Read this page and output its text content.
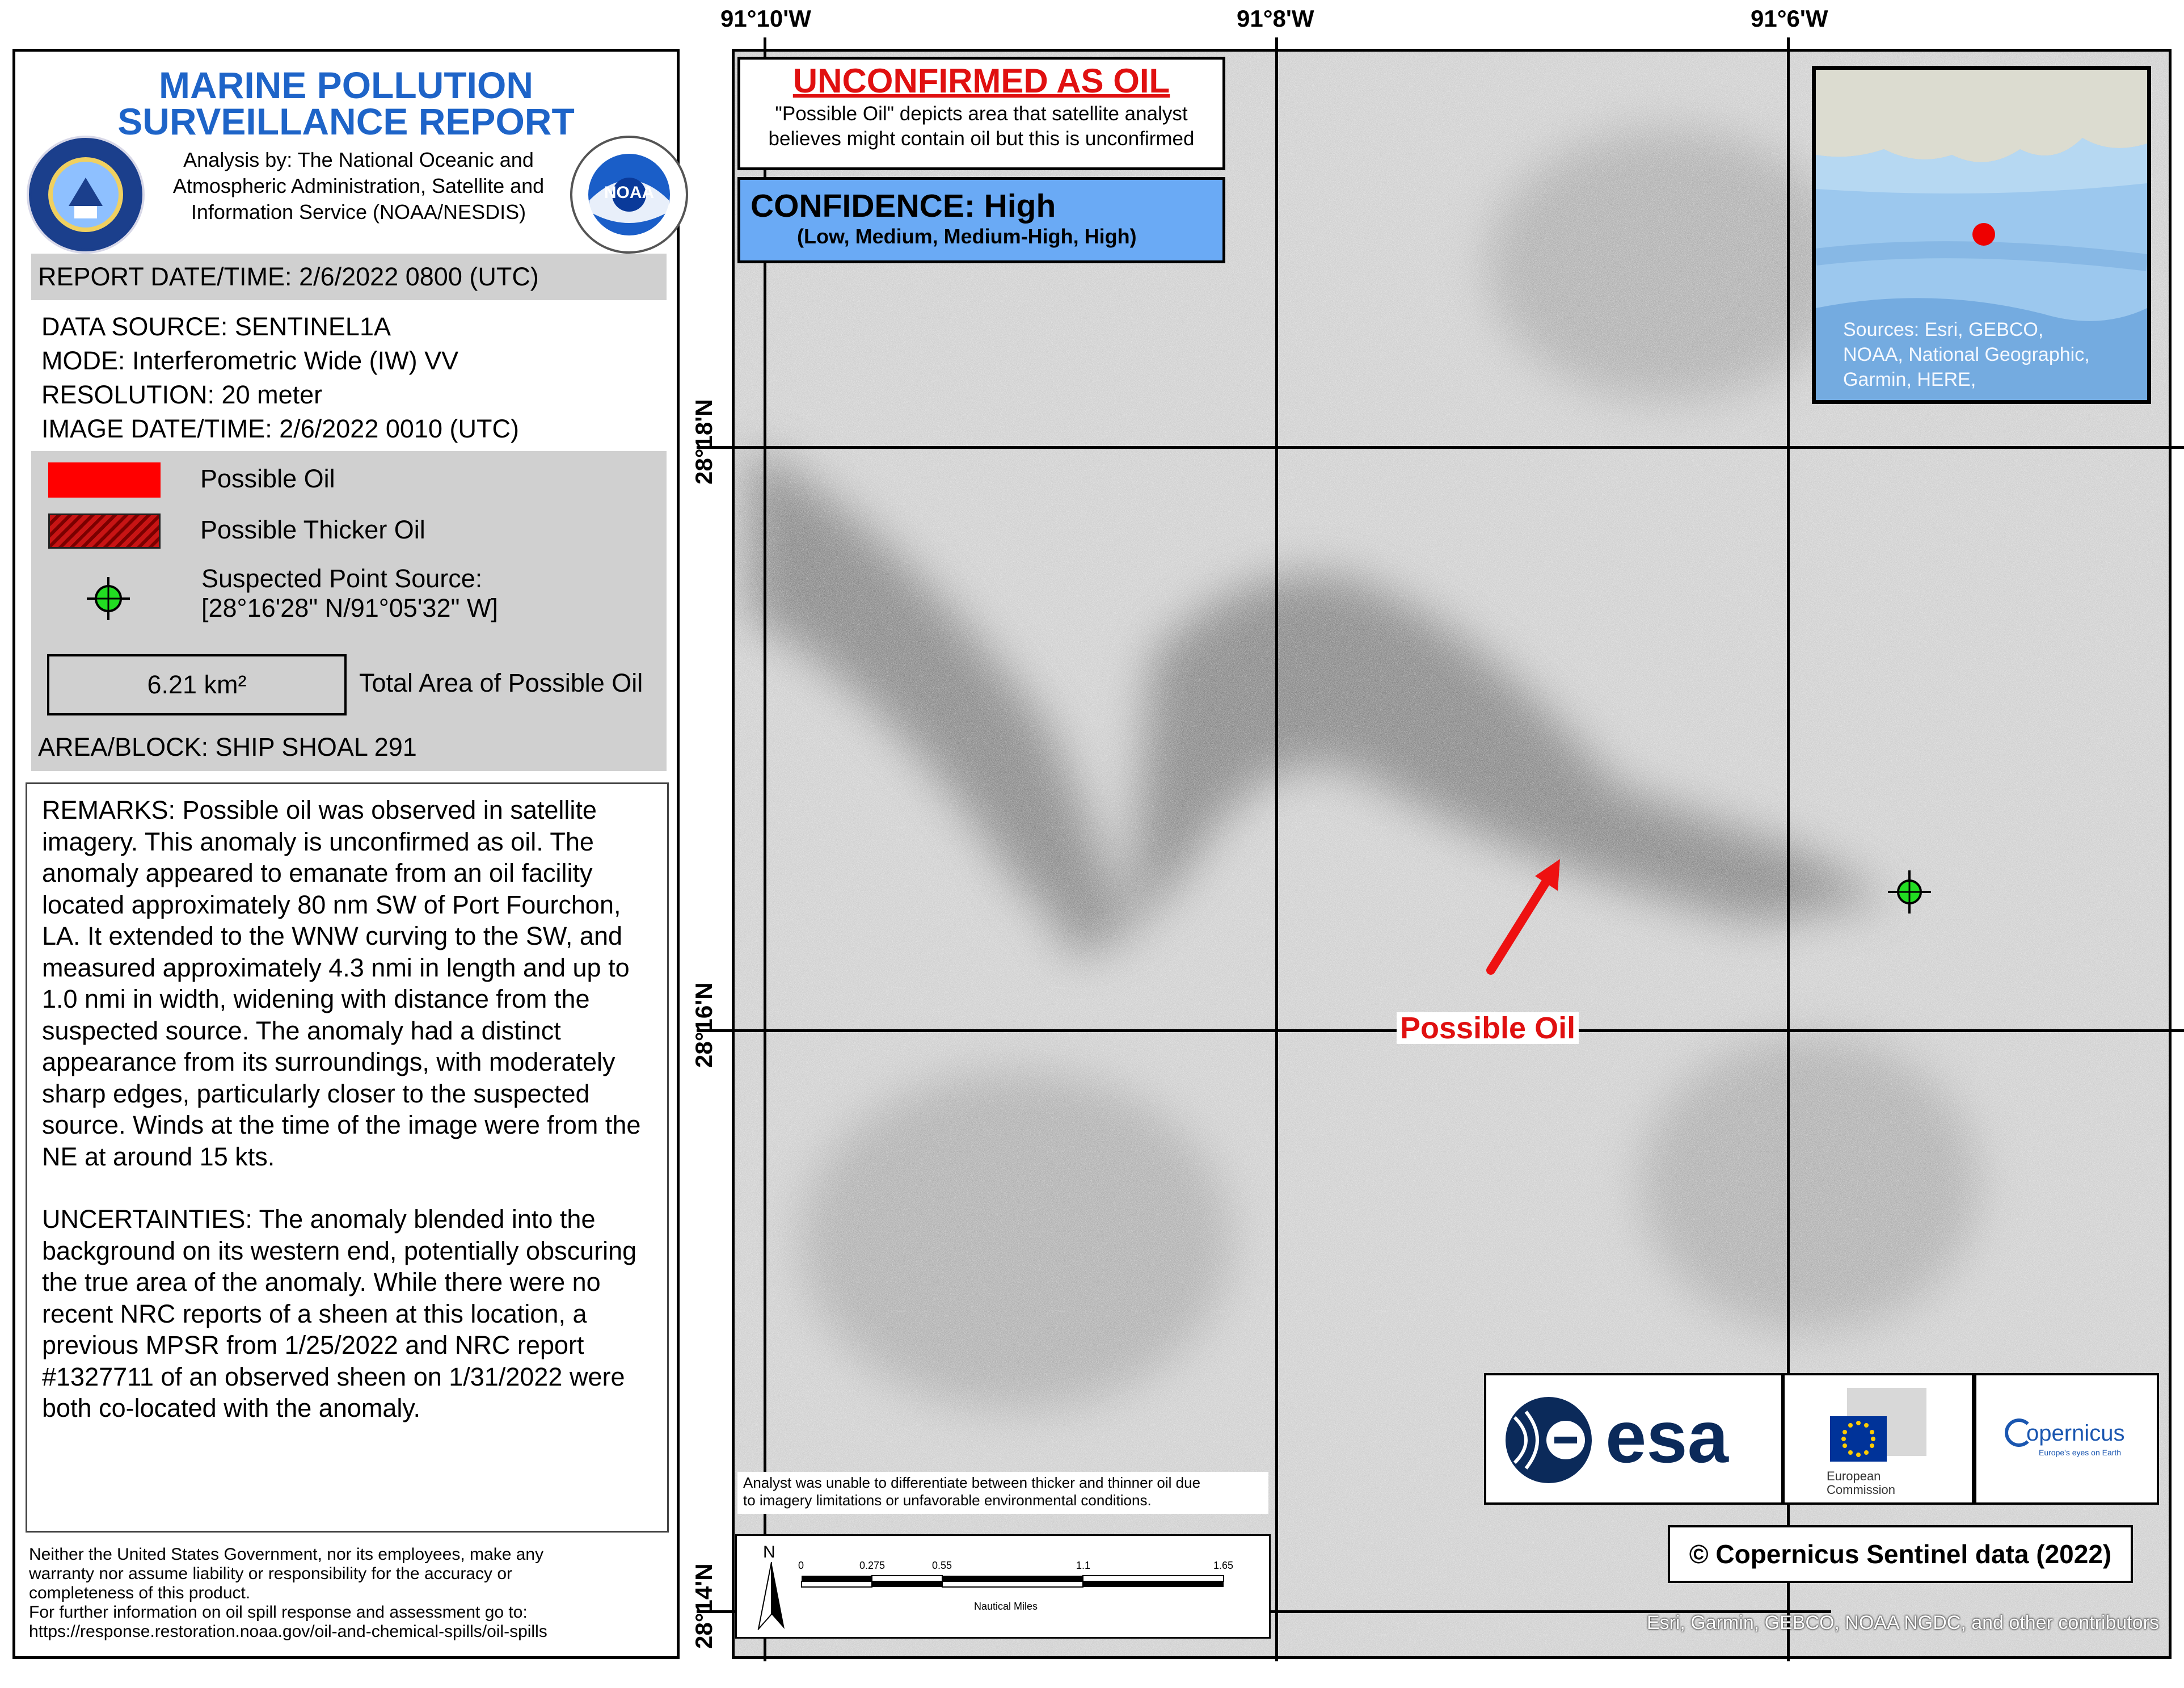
MARINE POLLUTION
SURVEILLANCE REPORT
NOAA
Analysis by: The National Oceanic and
Atmospheric Administration, Satellite and
Information Service (NOAA/NESDIS)
REPORT DATE/TIME: 2/6/2022 0800 (UTC)
DATA SOURCE: SENTINEL1A
MODE: Interferometric Wide (IW) VV
RESOLUTION: 20 meter
IMAGE DATE/TIME: 2/6/2022 0010 (UTC)
Possible Oil
Possible Thicker Oil
Suspected Point Source:
[28°16'28" N/91°05'32" W]
6.21 km²	Total Area of Possible Oil
AREA/BLOCK: SHIP SHOAL 291

REMARKS: Possible oil was observed in satellite imagery. This anomaly is unconfirmed as oil. The anomaly appeared to emanate from an oil facility located approximately 80 nm SW of Port Fourchon, LA. It extended to the WNW curving to the SW, and measured approximately 4.3 nmi in length and up to 1.0 nmi in width, widening with distance from the suspected source. The anomaly had a distinct appearance from its surroundings, with moderately sharp edges, particularly closer to the suspected source. Winds at the time of the image were from the NE at around 15 kts.

UNCERTAINTIES: The anomaly blended into the background on its western end, potentially obscuring the true area of the anomaly. While there were no recent NRC reports of a sheen at this location, a previous MPSR from 1/25/2022 and NRC report #1327711 of an observed sheen on 1/31/2022 were both co-located with the anomaly.

Neither the United States Government, nor its employees, make any
warranty nor assume liability or responsibility for the accuracy or
completeness of this product.
For further information on oil spill response and assessment go to:
https://response.restoration.noaa.gov/oil-and-chemical-spills/oil-spills
91°10'W	91°8'W	91°6'W
28°18'N
28°16'N
28°14'N
UNCONFIRMED AS OIL
"Possible Oil" depicts area that satellite analyst
believes might contain oil but this is unconfirmed
CONFIDENCE: High
(Low, Medium, Medium-High, High)
Sources: Esri, GEBCO,
NOAA, National Geographic,
Garmin, HERE,
Possible Oil
esa	European
Commission
opernicus
Europe's eyes on Earth
© Copernicus Sentinel data (2022)
Analyst was unable to differentiate between thicker and thinner oil due
to imagery limitations or unfavorable environmental conditions.
N
0	0.275	0.55	1.1	1.65
Nautical Miles
Esri, Garmin, GEBCO, NOAA NGDC, and other contributors
